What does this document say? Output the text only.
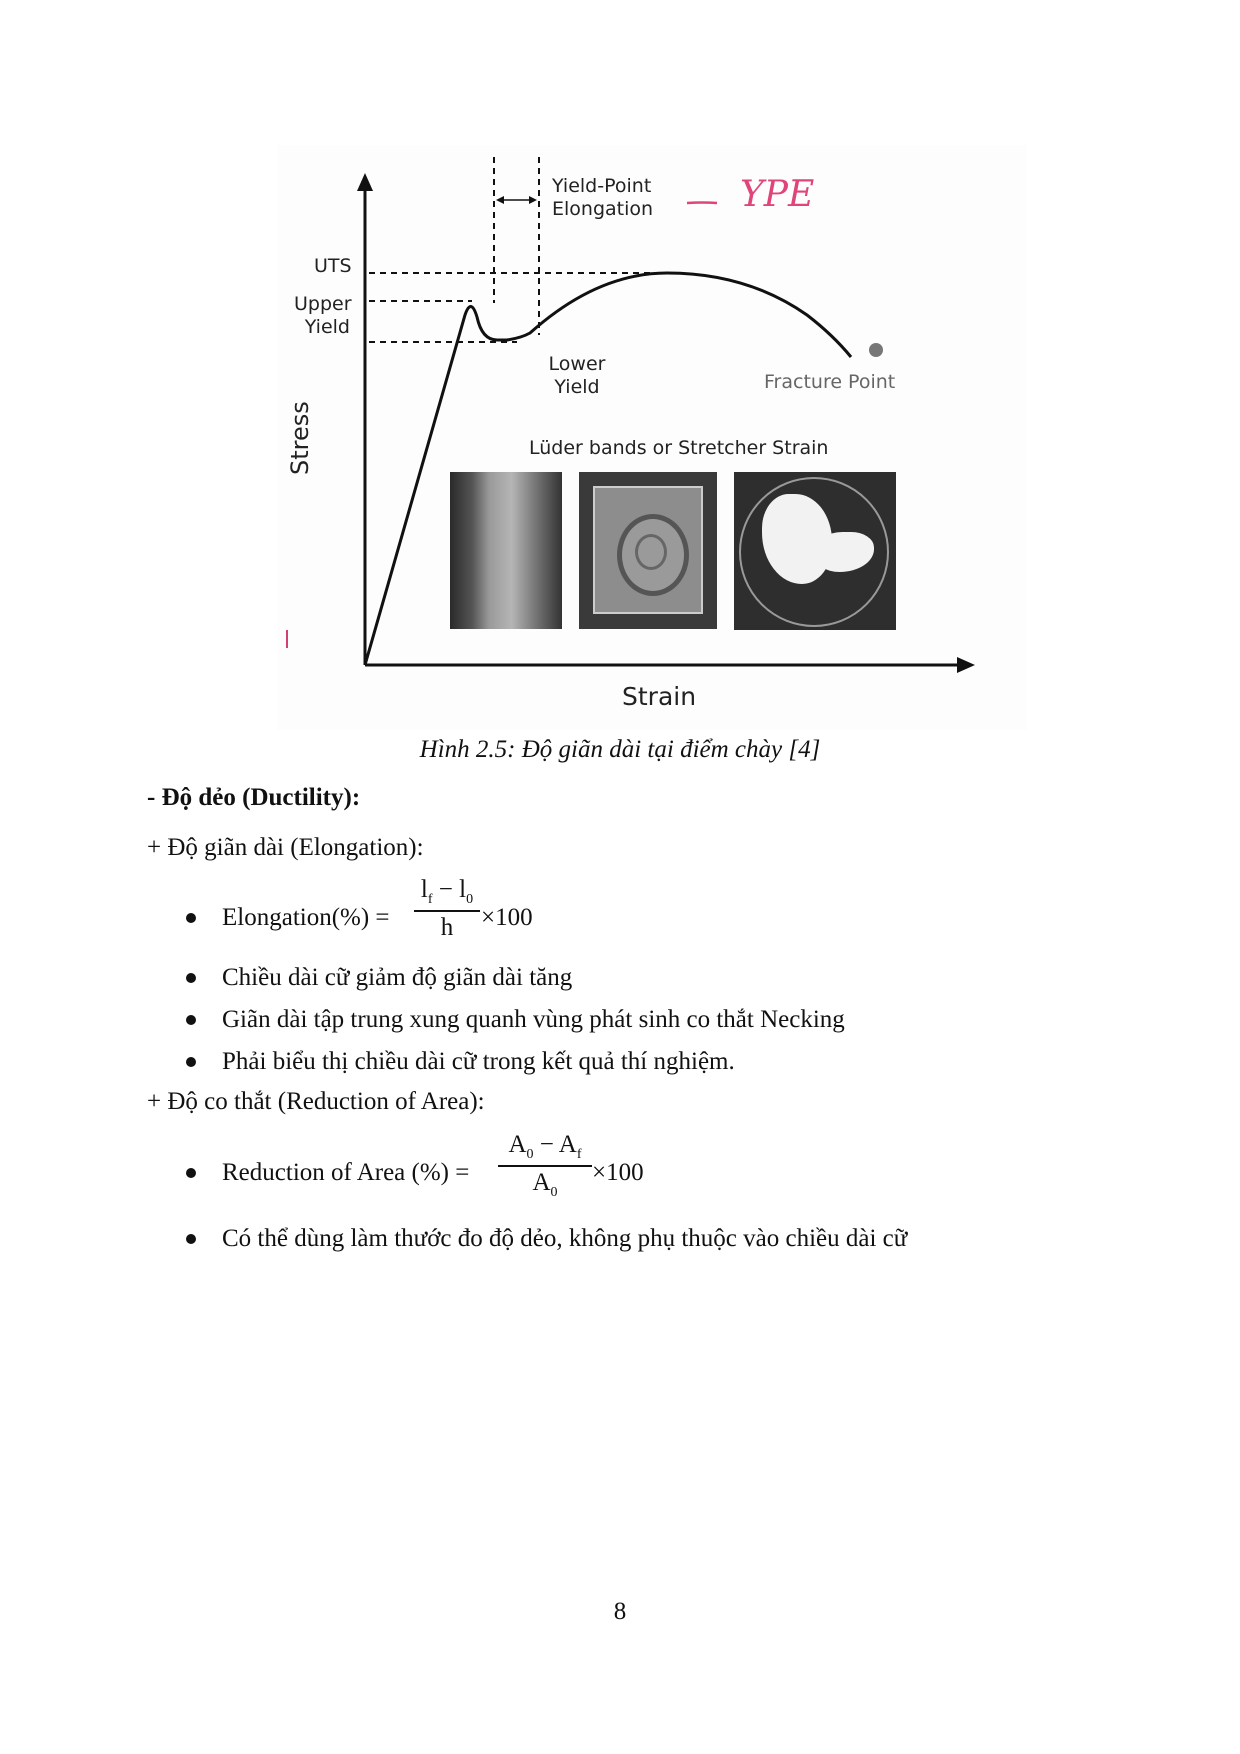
Yield-Point
Elongation YPE
UTS
Upper
Yield
Lower
Yield	Fracture Point
Stress	Lüder bands or Stretcher Strain
Strain
Hình 2.5: Độ giãn dài tại điểm chày [4]
- Độ dẻo (Ductility):
+ Độ giãn dài (Elongation):
Elongation(%) =
$l_f - l_0$
h	×100
Chiều dài cữ giảm độ giãn dài tăng
Giãn dài tập trung xung quanh vùng phát sinh co thắt Necking
Phải biểu thị chiều dài cữ trong kết quả thí nghiệm.
+ Độ co thắt (Reduction of Area):
Reduction of Area (%) =
$A_0 - A_f$
$A_0$
×100
Có thể dùng làm thước đo độ dẻo, không phụ thuộc vào chiều dài cữ
8
